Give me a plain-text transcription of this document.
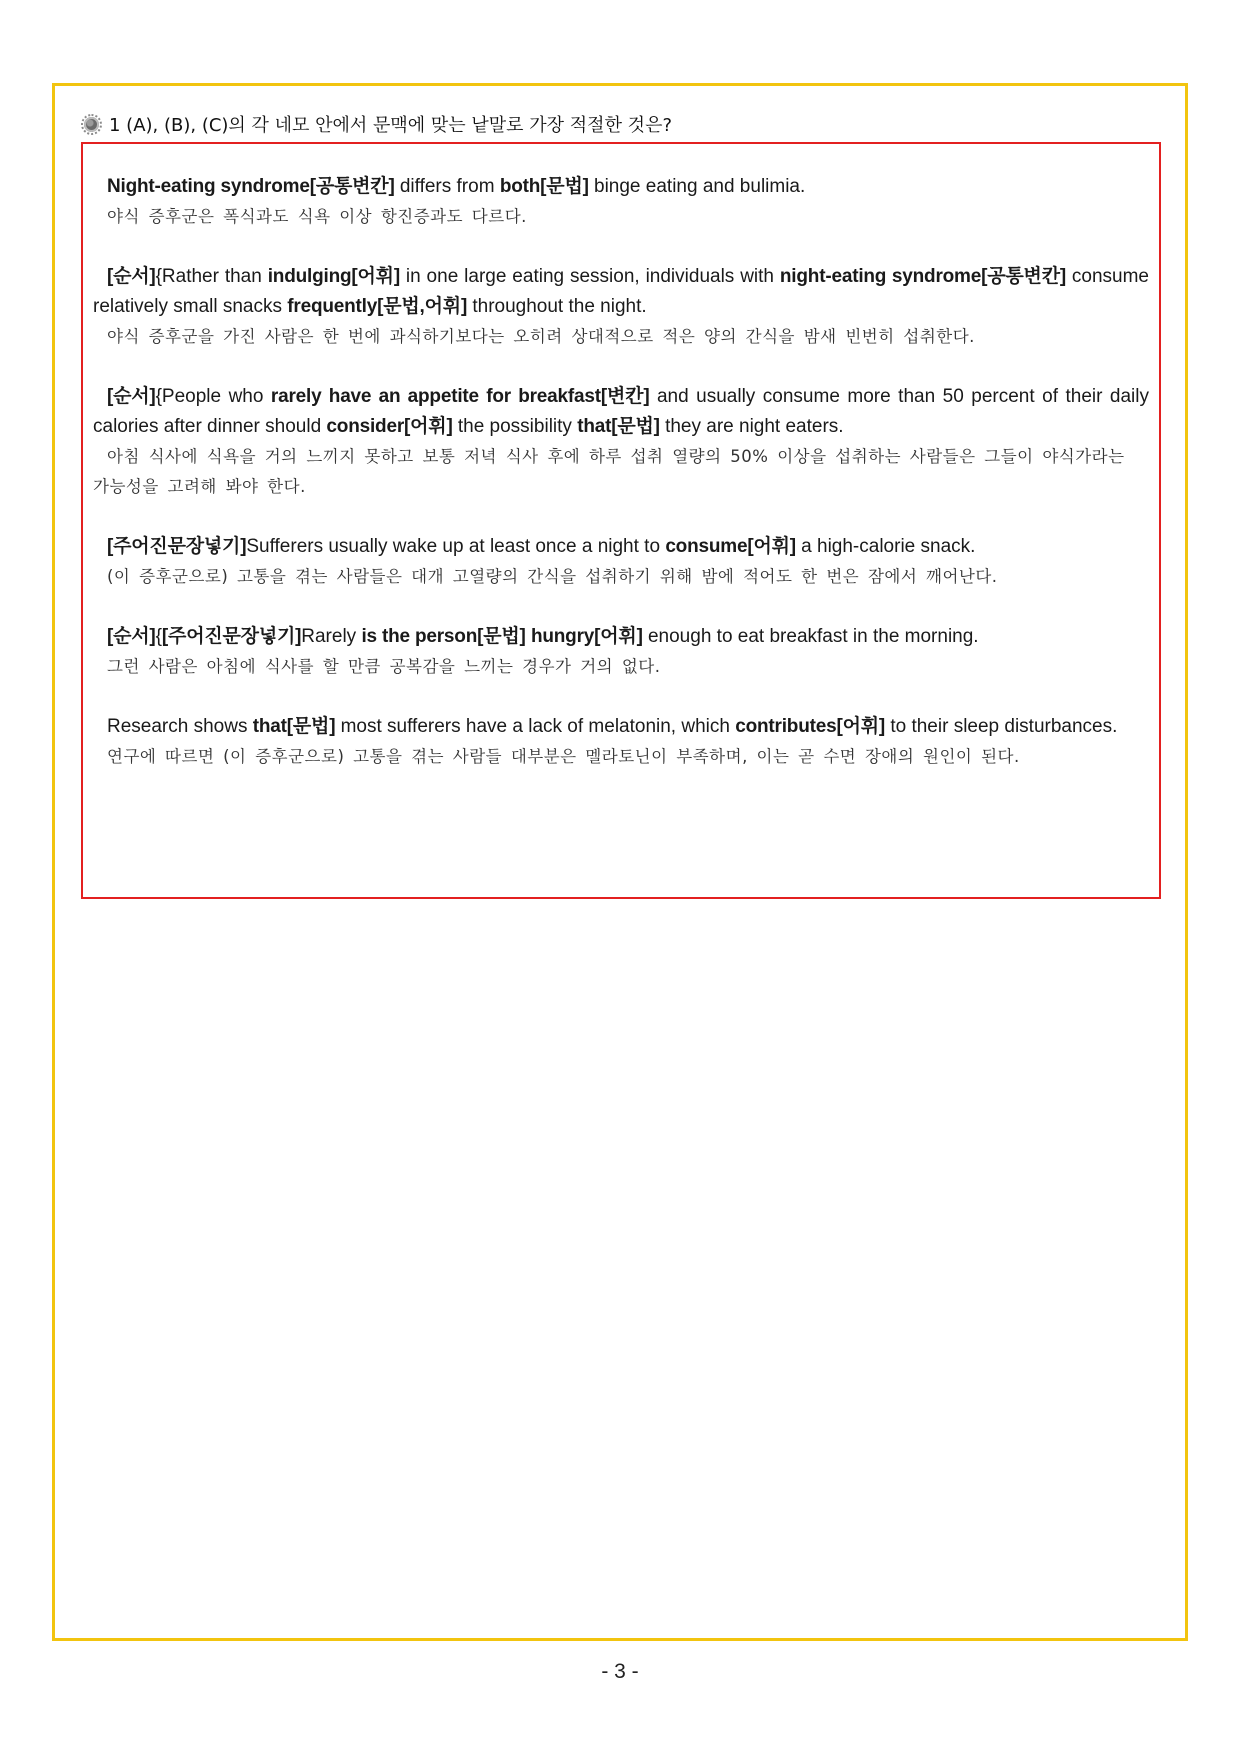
1 (A), (B), (C)의 각 네모 안에서 문맥에 맞는 낱말로 가장 적절한 것은?
Night-eating syndrome[공통변칸] differs from both[문법] binge eating and bulimia.
야식 증후군은 폭식과도 식욕 이상 항진증과도 다르다.
[순서]{Rather than indulging[어휘] in one large eating session, individuals with night-eating syndrome[공통변칸] consume relatively small snacks frequently[문법,어휘] throughout the night.
야식 증후군을 가진 사람은 한 번에 과식하기보다는 오히려 상대적으로 적은 양의 간식을 밤새 빈번히 섭취한다.
[순서]{People who rarely have an appetite for breakfast[변칸] and usually consume more than 50 percent of their daily calories after dinner should consider[어휘] the possibility that[문법] they are night eaters.
아침 식사에 식욕을 거의 느끼지 못하고 보통 저녁 식사 후에 하루 섭취 열량의 50% 이상을 섭취하는 사람들은 그들이 야식가라는 가능성을 고려해 봐야 한다.
[주어진문장넣기]Sufferers usually wake up at least once a night to consume[어휘] a high-calorie snack.
(이 증후군으로) 고통을 겪는 사람들은 대개 고열량의 간식을 섭취하기 위해 밤에 적어도 한 번은 잠에서 깨어난다.
[순서]{[주어진문장넣기]Rarely is the person[문법] hungry[어휘] enough to eat breakfast in the morning.
그런 사람은 아침에 식사를 할 만큼 공복감을 느끼는 경우가 거의 없다.
Research shows that[문법] most sufferers have a lack of melatonin, which contributes[어휘] to their sleep disturbances.
연구에 따르면 (이 증후군으로) 고통을 겪는 사람들 대부분은 멜라토닌이 부족하며, 이는 곧 수면 장애의 원인이 된다.
- 3 -
